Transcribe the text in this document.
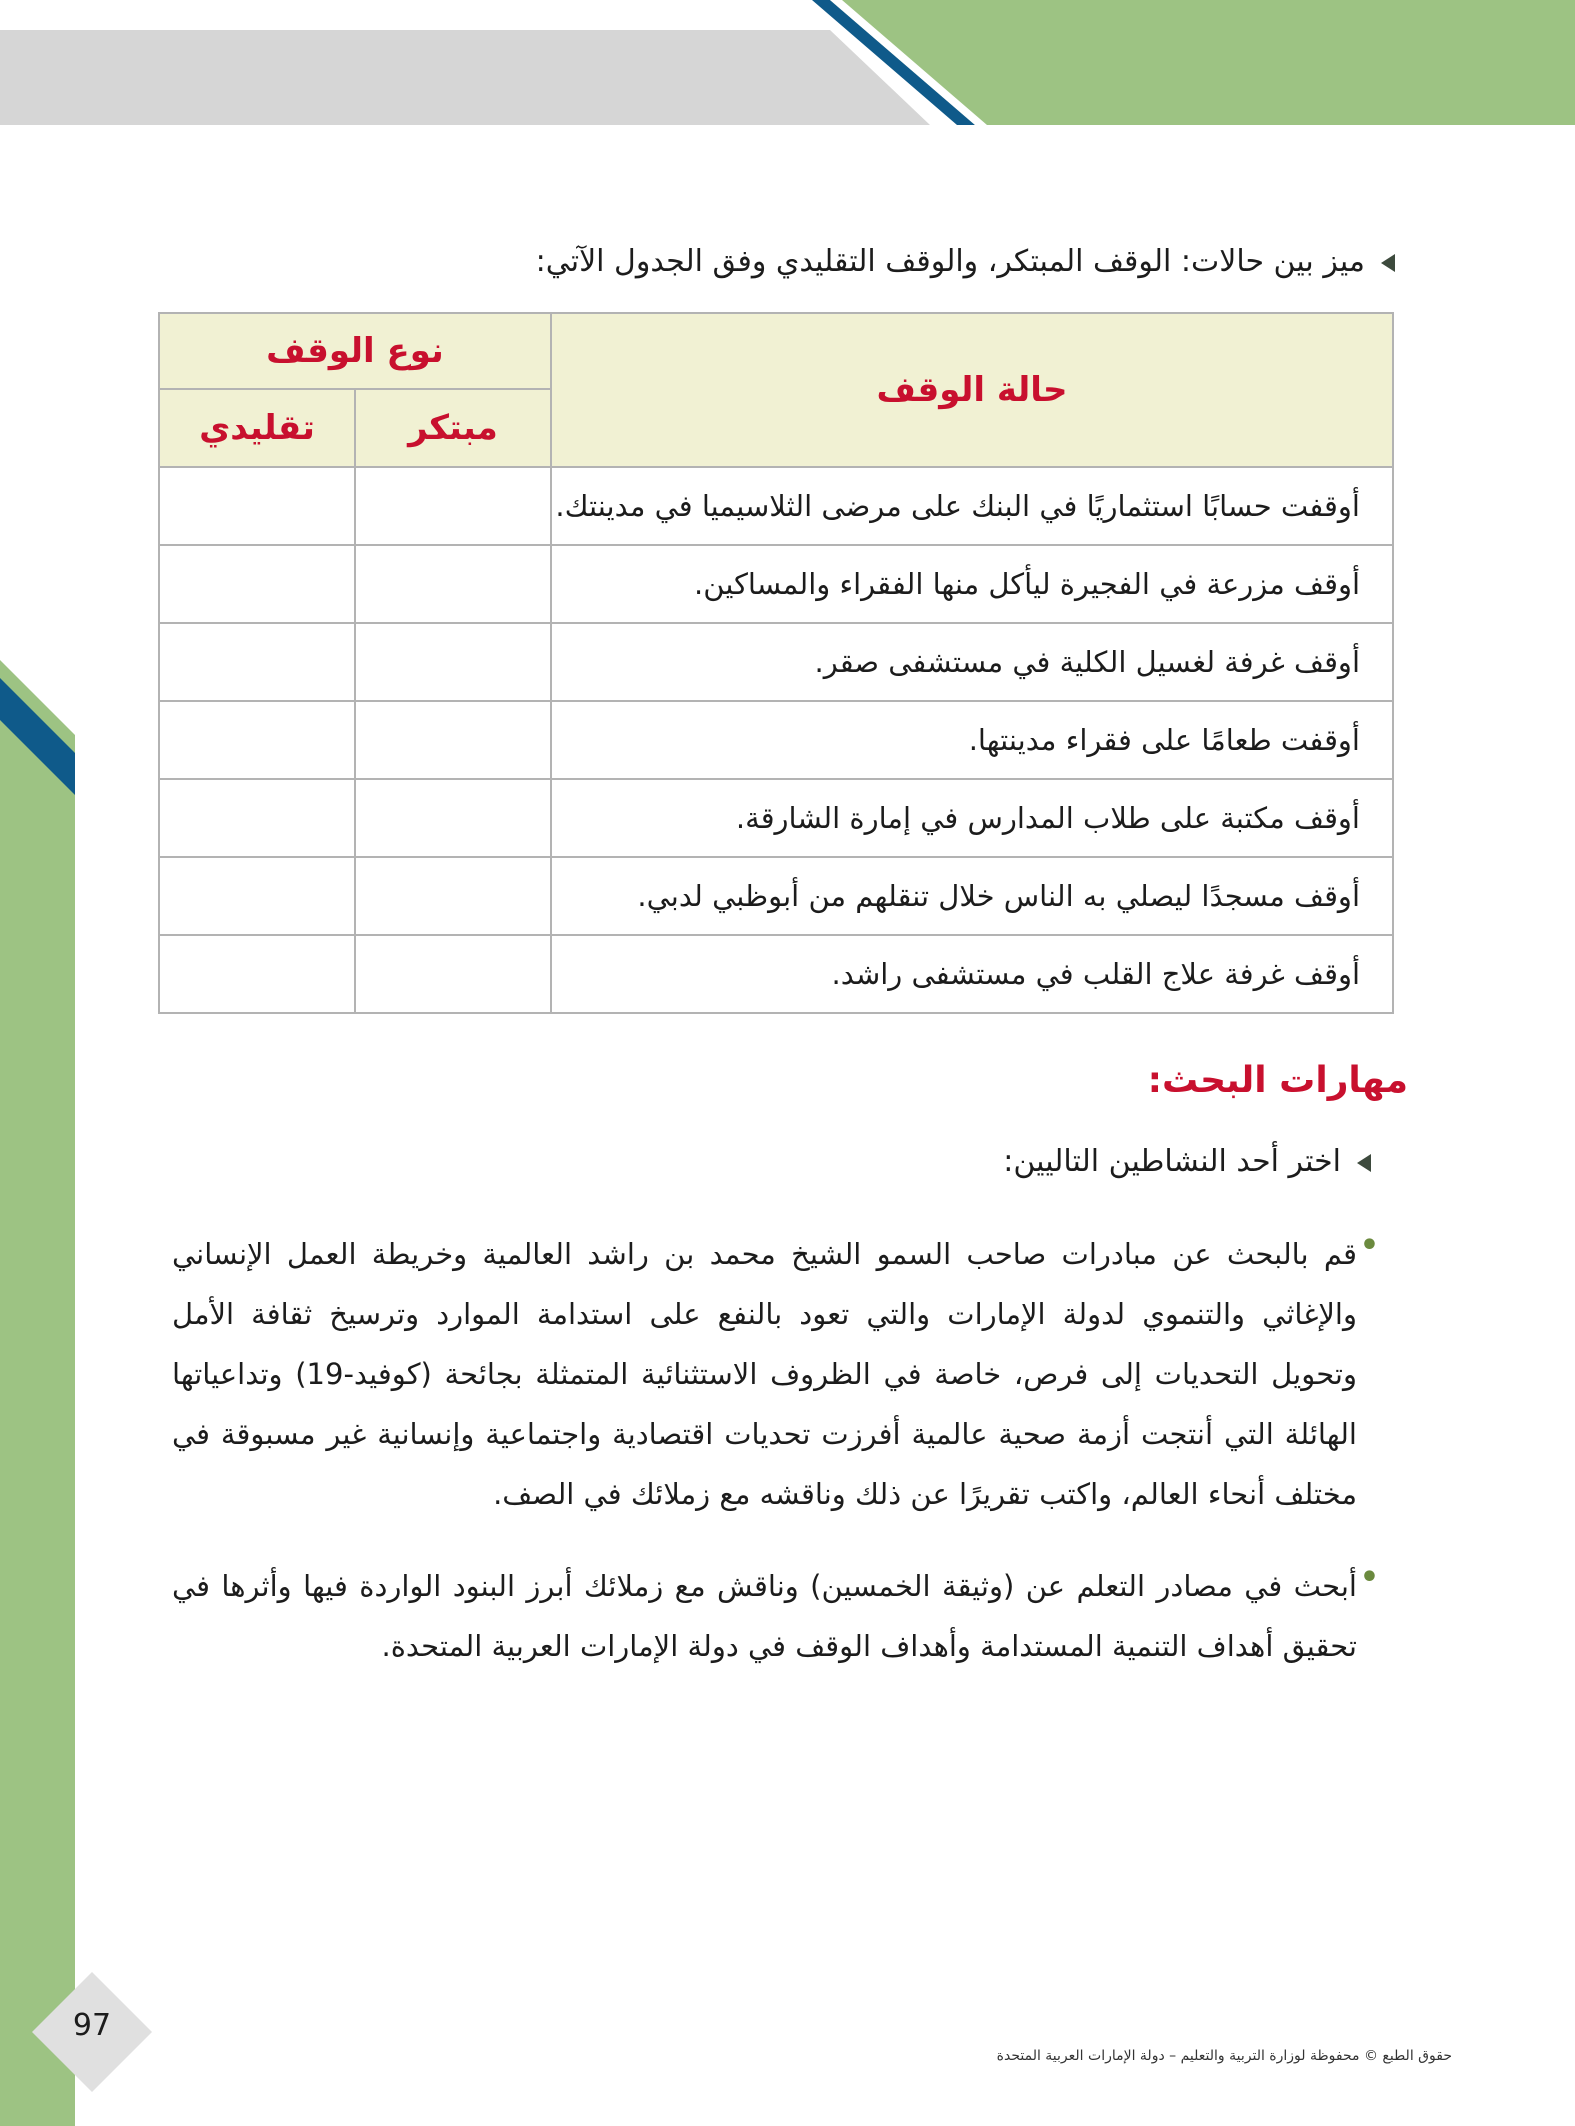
ميز بين حالات: الوقف المبتكر، والوقف التقليدي وفق الجدول الآتي:
حالة الوقف	نوع الوقف	
	مبتكر	تقليدي
أوقفت حسابًا استثماريًا في البنك على مرضى الثلاسيميا في مدينتك.		
أوقف مزرعة في الفجيرة ليأكل منها الفقراء والمساكين.		
أوقف غرفة لغسيل الكلية في مستشفى صقر.		
أوقفت طعامًا على فقراء مدينتها.		
أوقف مكتبة على طلاب المدارس في إمارة الشارقة.		
أوقف مسجدًا ليصلي به الناس خلال تنقلهم من أبوظبي لدبي.		
أوقف غرفة علاج القلب في مستشفى راشد.		
مهارات البحث:
اختر أحد النشاطين التاليين:
•
قم بالبحث عن مبادرات صاحب السمو الشيخ محمد بن راشد العالمية وخريطة العمل الإنساني والإغاثي والتنموي لدولة الإمارات والتي تعود بالنفع على استدامة الموارد وترسيخ ثقافة الأمل وتحويل التحديات إلى فرص، خاصة في الظروف الاستثنائية المتمثلة بجائحة (كوفيد-19) وتداعياتها الهائلة التي أنتجت أزمة صحية عالمية أفرزت تحديات اقتصادية واجتماعية وإنسانية غير مسبوقة في مختلف أنحاء العالم، واكتب تقريرًا عن ذلك وناقشه مع زملائك في الصف.
•
أبحث في مصادر التعلم عن (وثيقة الخمسين) وناقش مع زملائك أبرز البنود الواردة فيها وأثرها في تحقيق أهداف التنمية المستدامة وأهداف الوقف في دولة الإمارات العربية المتحدة.
97
حقوق الطبع © محفوظة لوزارة التربية والتعليم – دولة الإمارات العربية المتحدة
